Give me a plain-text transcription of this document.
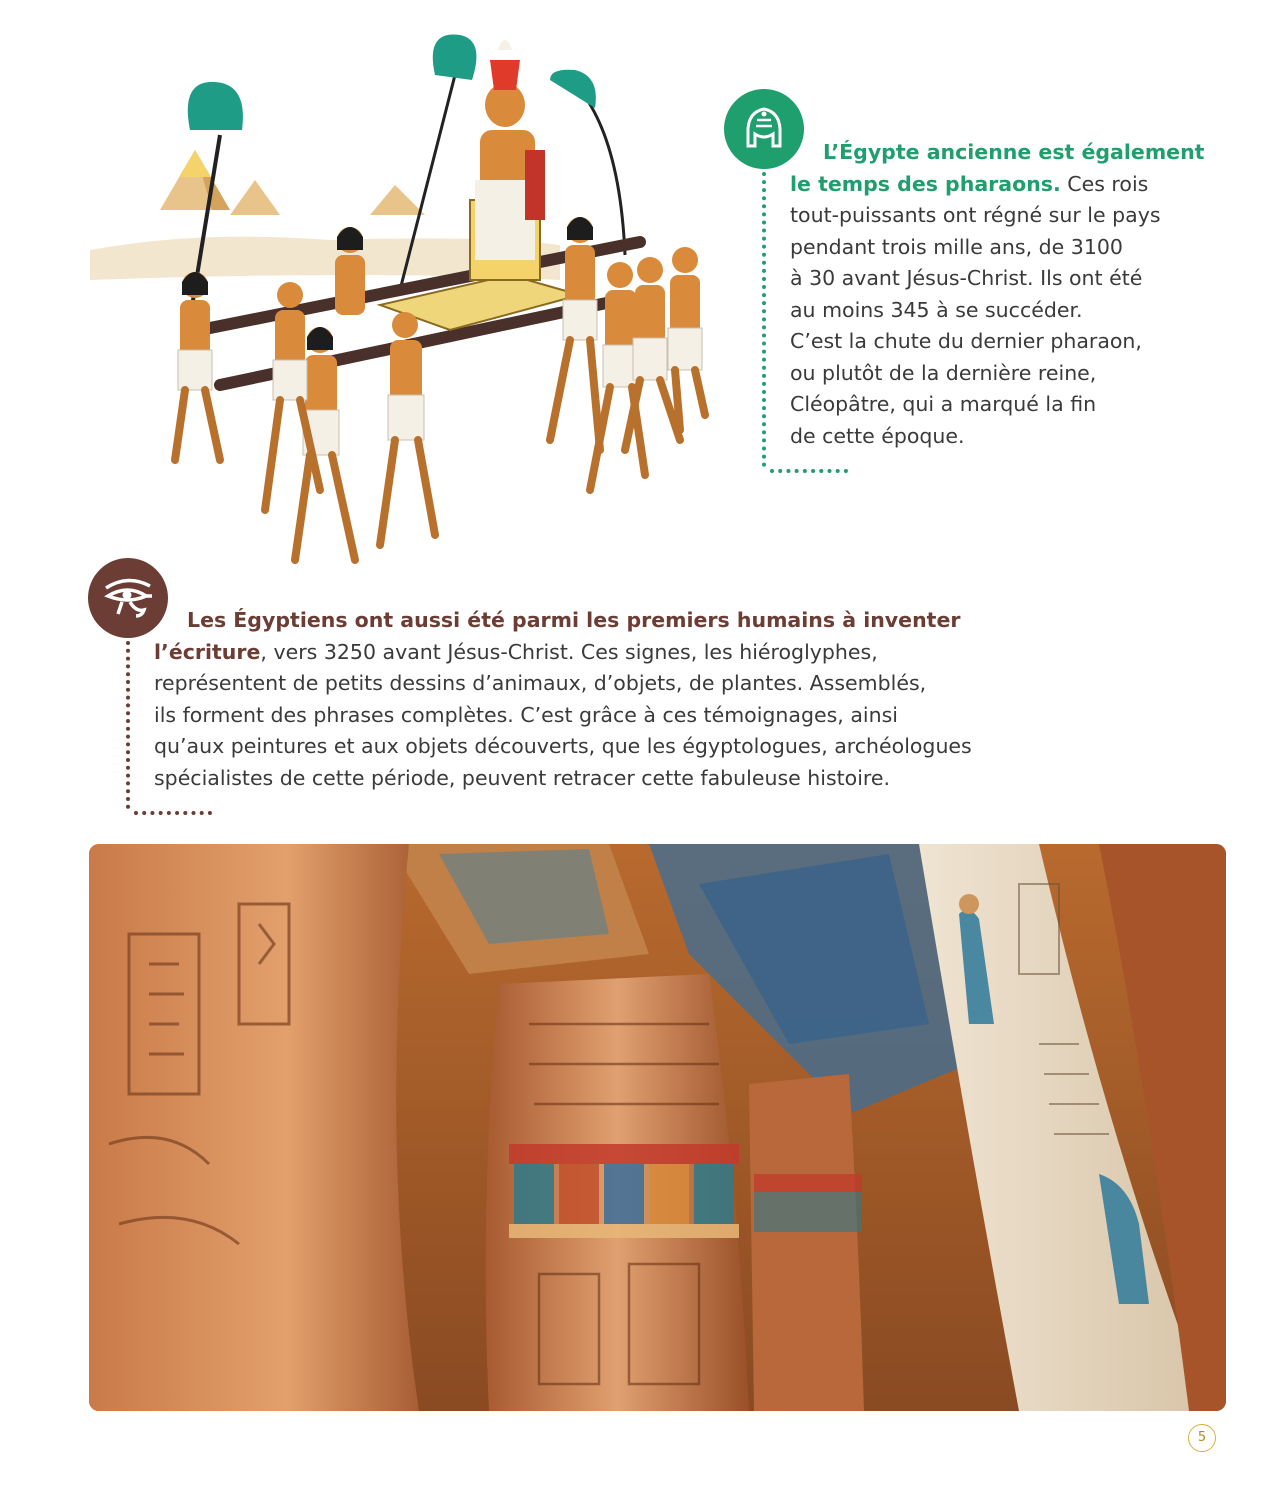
L’Égypte ancienne est également
le temps des pharaons. Ces rois
tout-puissants ont régné sur le pays
pendant trois mille ans, de 3100
à 30 avant Jésus-Christ. Ils ont été
au moins 345 à se succéder.
C’est la chute du dernier pharaon,
ou plutôt de la dernière reine,
Cléopâtre, qui a marqué la fin
de cette époque.
Les Égyptiens ont aussi été parmi les premiers humains à inventer
l’écriture, vers 3250 avant Jésus-Christ. Ces signes, les hiéroglyphes,
représentent de petits dessins d’animaux, d’objets, de plantes. Assemblés,
ils forment des phrases complètes. C’est grâce à ces témoignages, ainsi
qu’aux peintures et aux objets découverts, que les égyptologues, archéologues
spécialistes de cette période, peuvent retracer cette fabuleuse histoire.
5
